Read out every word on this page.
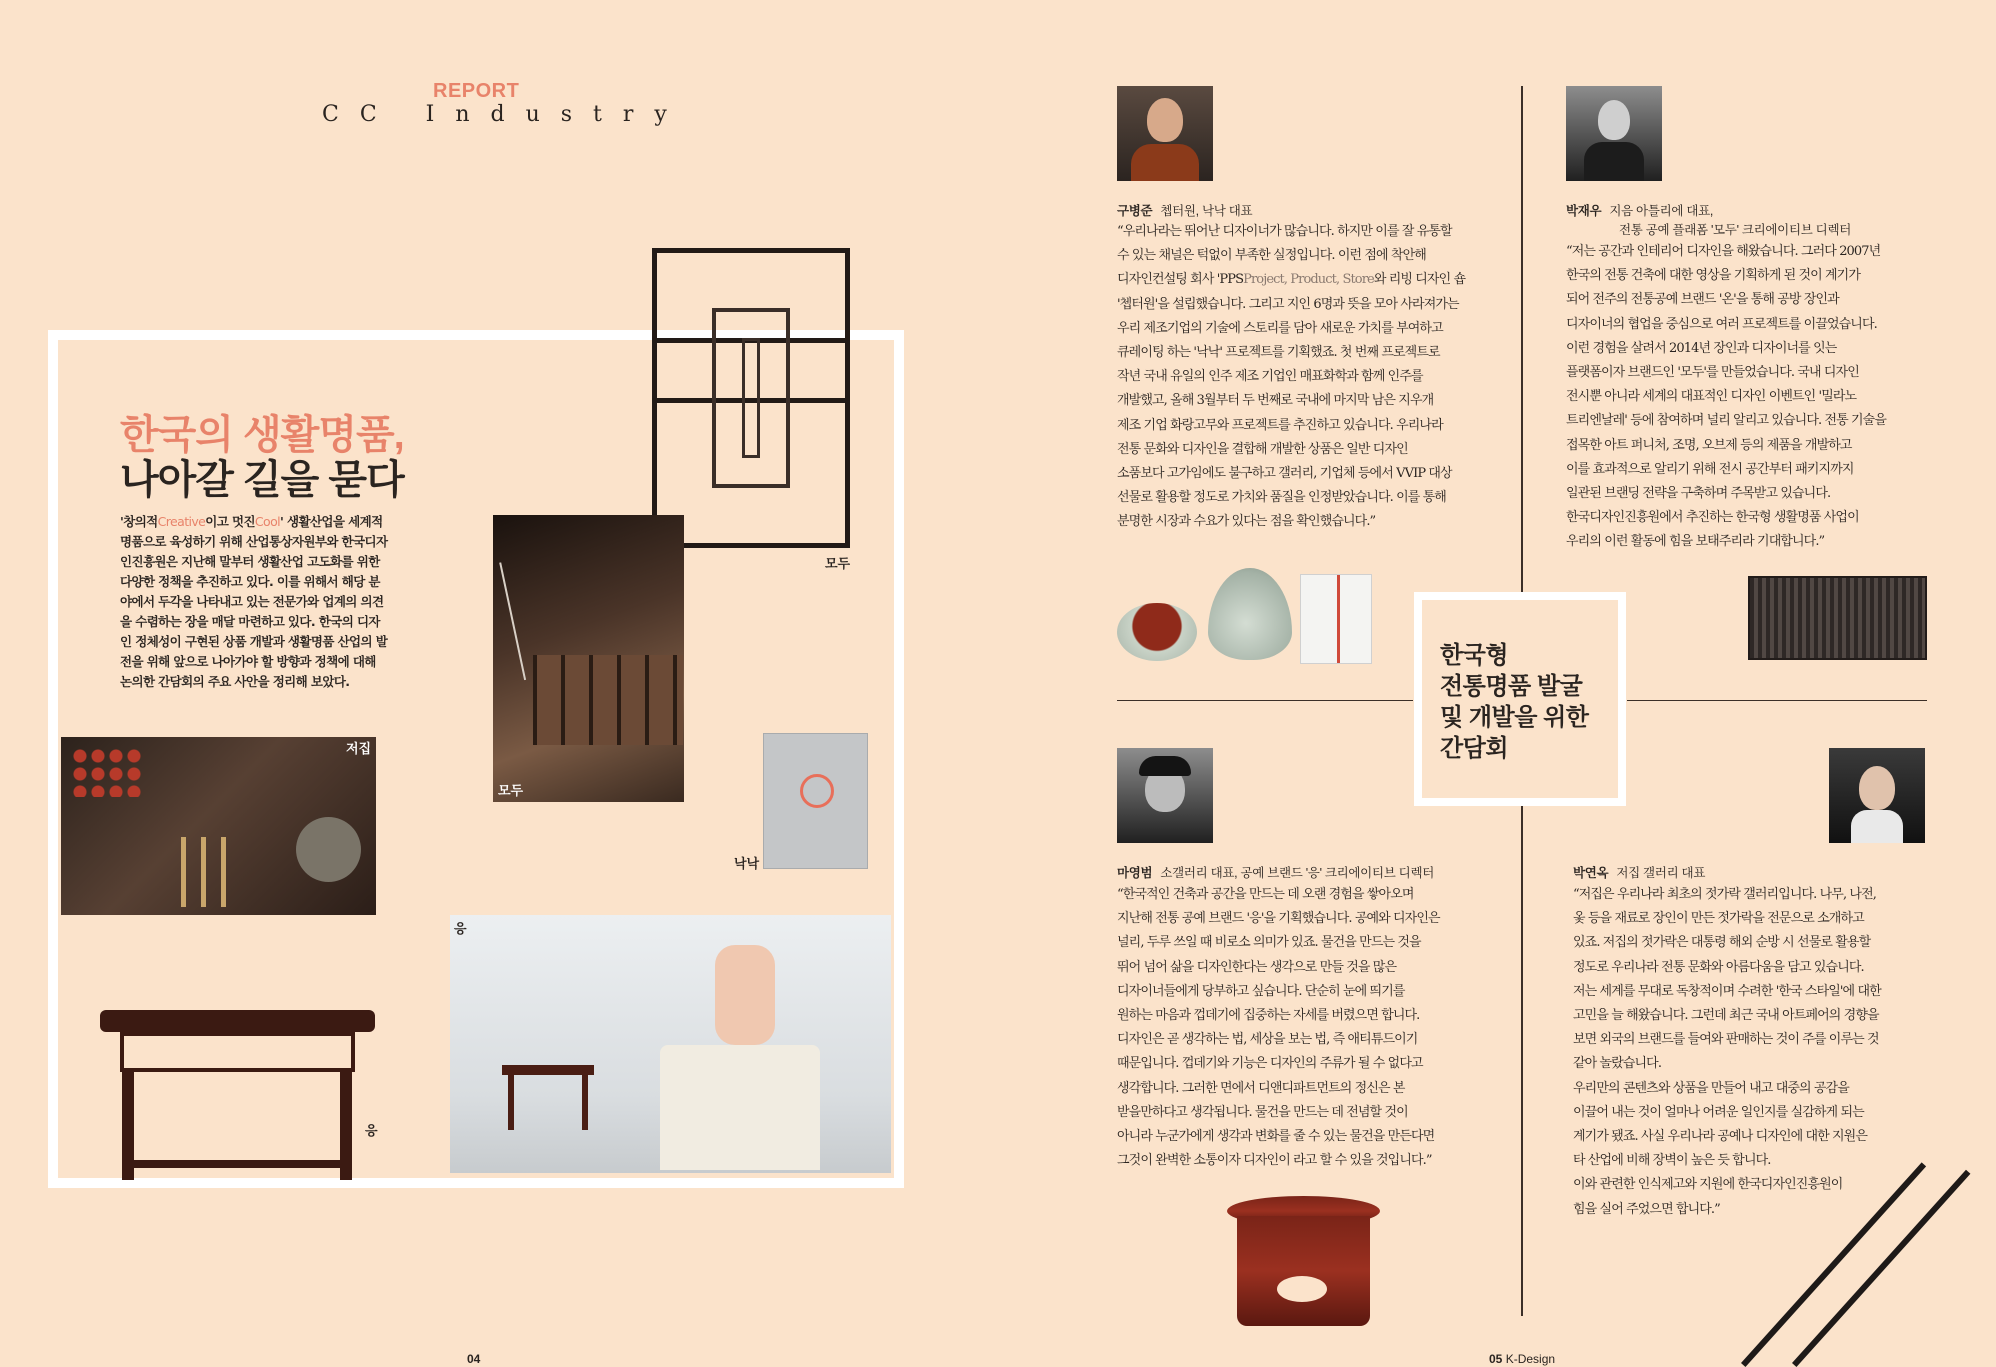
REPORT
CC Industry
모두
한국의 생활명품,
나아갈 길을 묻다
'창의적Creative이고 멋진Cool' 생활산업을 세계적 명품으로 육성하기 위해 산업통상자원부와 한국디자인진흥원은 지난해 말부터 생활산업 고도화를 위한 다양한 정책을 추진하고 있다. 이를 위해서 해당 분야에서 두각을 나타내고 있는 전문가와 업계의 의견을 수렴하는 장을 매달 마련하고 있다. 한국의 디자인 정체성이 구현된 상품 개발과 생활명품 산업의 발전을 위해 앞으로 나아가야 할 방향과 정책에 대해 논의한 간담회의 주요 사안을 정리해 보았다.
모두
저집
낙낙
응
응
04
구병준 쳅터원, 낙낙 대표
“우리나라는 뛰어난 디자이너가 많습니다. 하지만 이를 잘 유통할
수 있는 채널은 턱없이 부족한 실정입니다. 이런 점에 착안해
디자인컨설팅 회사 'PPSProject, Product, Store와 리빙 디자인 숍
'쳅터원'을 설립했습니다. 그리고 지인 6명과 뜻을 모아 사라져가는
우리 제조기업의 기술에 스토리를 담아 새로운 가치를 부여하고
큐레이팅 하는 '낙낙' 프로젝트를 기획했죠. 첫 번째 프로젝트로
작년 국내 유일의 인주 제조 기업인 매표화학과 함께 인주를
개발했고, 올해 3월부터 두 번째로 국내에 마지막 남은 지우개
제조 기업 화랑고무와 프로젝트를 추진하고 있습니다. 우리나라
전통 문화와 디자인을 결합해 개발한 상품은 일반 디자인
소품보다 고가임에도 불구하고 갤러리, 기업체 등에서 VVIP 대상
선물로 활용할 정도로 가치와 품질을 인정받았습니다. 이를 통해
분명한 시장과 수요가 있다는 점을 확인했습니다.”
박재우 지음 아틀리에 대표,
전통 공예 플래폼 '모두' 크리에이티브 디렉터
“저는 공간과 인테리어 디자인을 해왔습니다. 그러다 2007년
한국의 전통 건축에 대한 영상을 기획하게 된 것이 계기가
되어 전주의 전통공예 브랜드 '온'을 통해 공방 장인과
디자이너의 협업을 중심으로 여러 프로젝트를 이끌었습니다.
이런 경험을 살려서 2014년 장인과 디자이너를 잇는
플랫폼이자 브랜드인 '모두'를 만들었습니다. 국내 디자인
전시뿐 아니라 세계의 대표적인 디자인 이벤트인 '밀라노
트리엔날레' 등에 참여하며 널리 알리고 있습니다. 전통 기술을
접목한 아트 퍼니처, 조명, 오브제 등의 제품을 개발하고
이를 효과적으로 알리기 위해 전시 공간부터 패키지까지
일관된 브랜딩 전략을 구축하며 주목받고 있습니다.
한국디자인진흥원에서 추진하는 한국형 생활명품 사업이
우리의 이런 활동에 힘을 보태주리라 기대합니다.”
한국형
전통명품 발굴
및 개발을 위한
간담회
마영범 소갤러리 대표, 공예 브랜드 '응' 크리에이티브 디렉터
“한국적인 건축과 공간을 만드는 데 오랜 경험을 쌓아오며
지난해 전통 공예 브랜드 '응'을 기획했습니다. 공예와 디자인은
널리, 두루 쓰일 때 비로소 의미가 있죠. 물건을 만드는 것을
뛰어 넘어 삶을 디자인한다는 생각으로 만들 것을 많은
디자이너들에게 당부하고 싶습니다. 단순히 눈에 띄기를
원하는 마음과 껍데기에 집중하는 자세를 버렸으면 합니다.
디자인은 곧 생각하는 법, 세상을 보는 법, 즉 애티튜드이기
때문입니다. 껍데기와 기능은 디자인의 주류가 될 수 없다고
생각합니다. 그러한 면에서 디앤디파트먼트의 정신은 본
받을만하다고 생각됩니다. 물건을 만드는 데 전념할 것이
아니라 누군가에게 생각과 변화를 줄 수 있는 물건을 만든다면
그것이 완벽한 소통이자 디자인이 라고 할 수 있을 것입니다.”
박연옥 저집 갤러리 대표
“저집은 우리나라 최초의 젓가락 갤러리입니다. 나무, 나전,
옻 등을 재료로 장인이 만든 젓가락을 전문으로 소개하고
있죠. 저집의 젓가락은 대통령 해외 순방 시 선물로 활용할
정도로 우리나라 전통 문화와 아름다움을 담고 있습니다.
저는 세계를 무대로 독창적이며 수려한 '한국 스타일'에 대한
고민을 늘 해왔습니다. 그런데 최근 국내 아트페어의 경향을
보면 외국의 브랜드를 들여와 판매하는 것이 주를 이루는 것
같아 놀랐습니다.
우리만의 콘텐츠와 상품을 만들어 내고 대중의 공감을
이끌어 내는 것이 얼마나 어려운 일인지를 실감하게 되는
계기가 됐죠. 사실 우리나라 공예나 디자인에 대한 지원은
타 산업에 비해 장벽이 높은 듯 합니다.
이와 관련한 인식제고와 지원에 한국디자인진흥원이
힘을 실어 주었으면 합니다.”
05 K-Design
